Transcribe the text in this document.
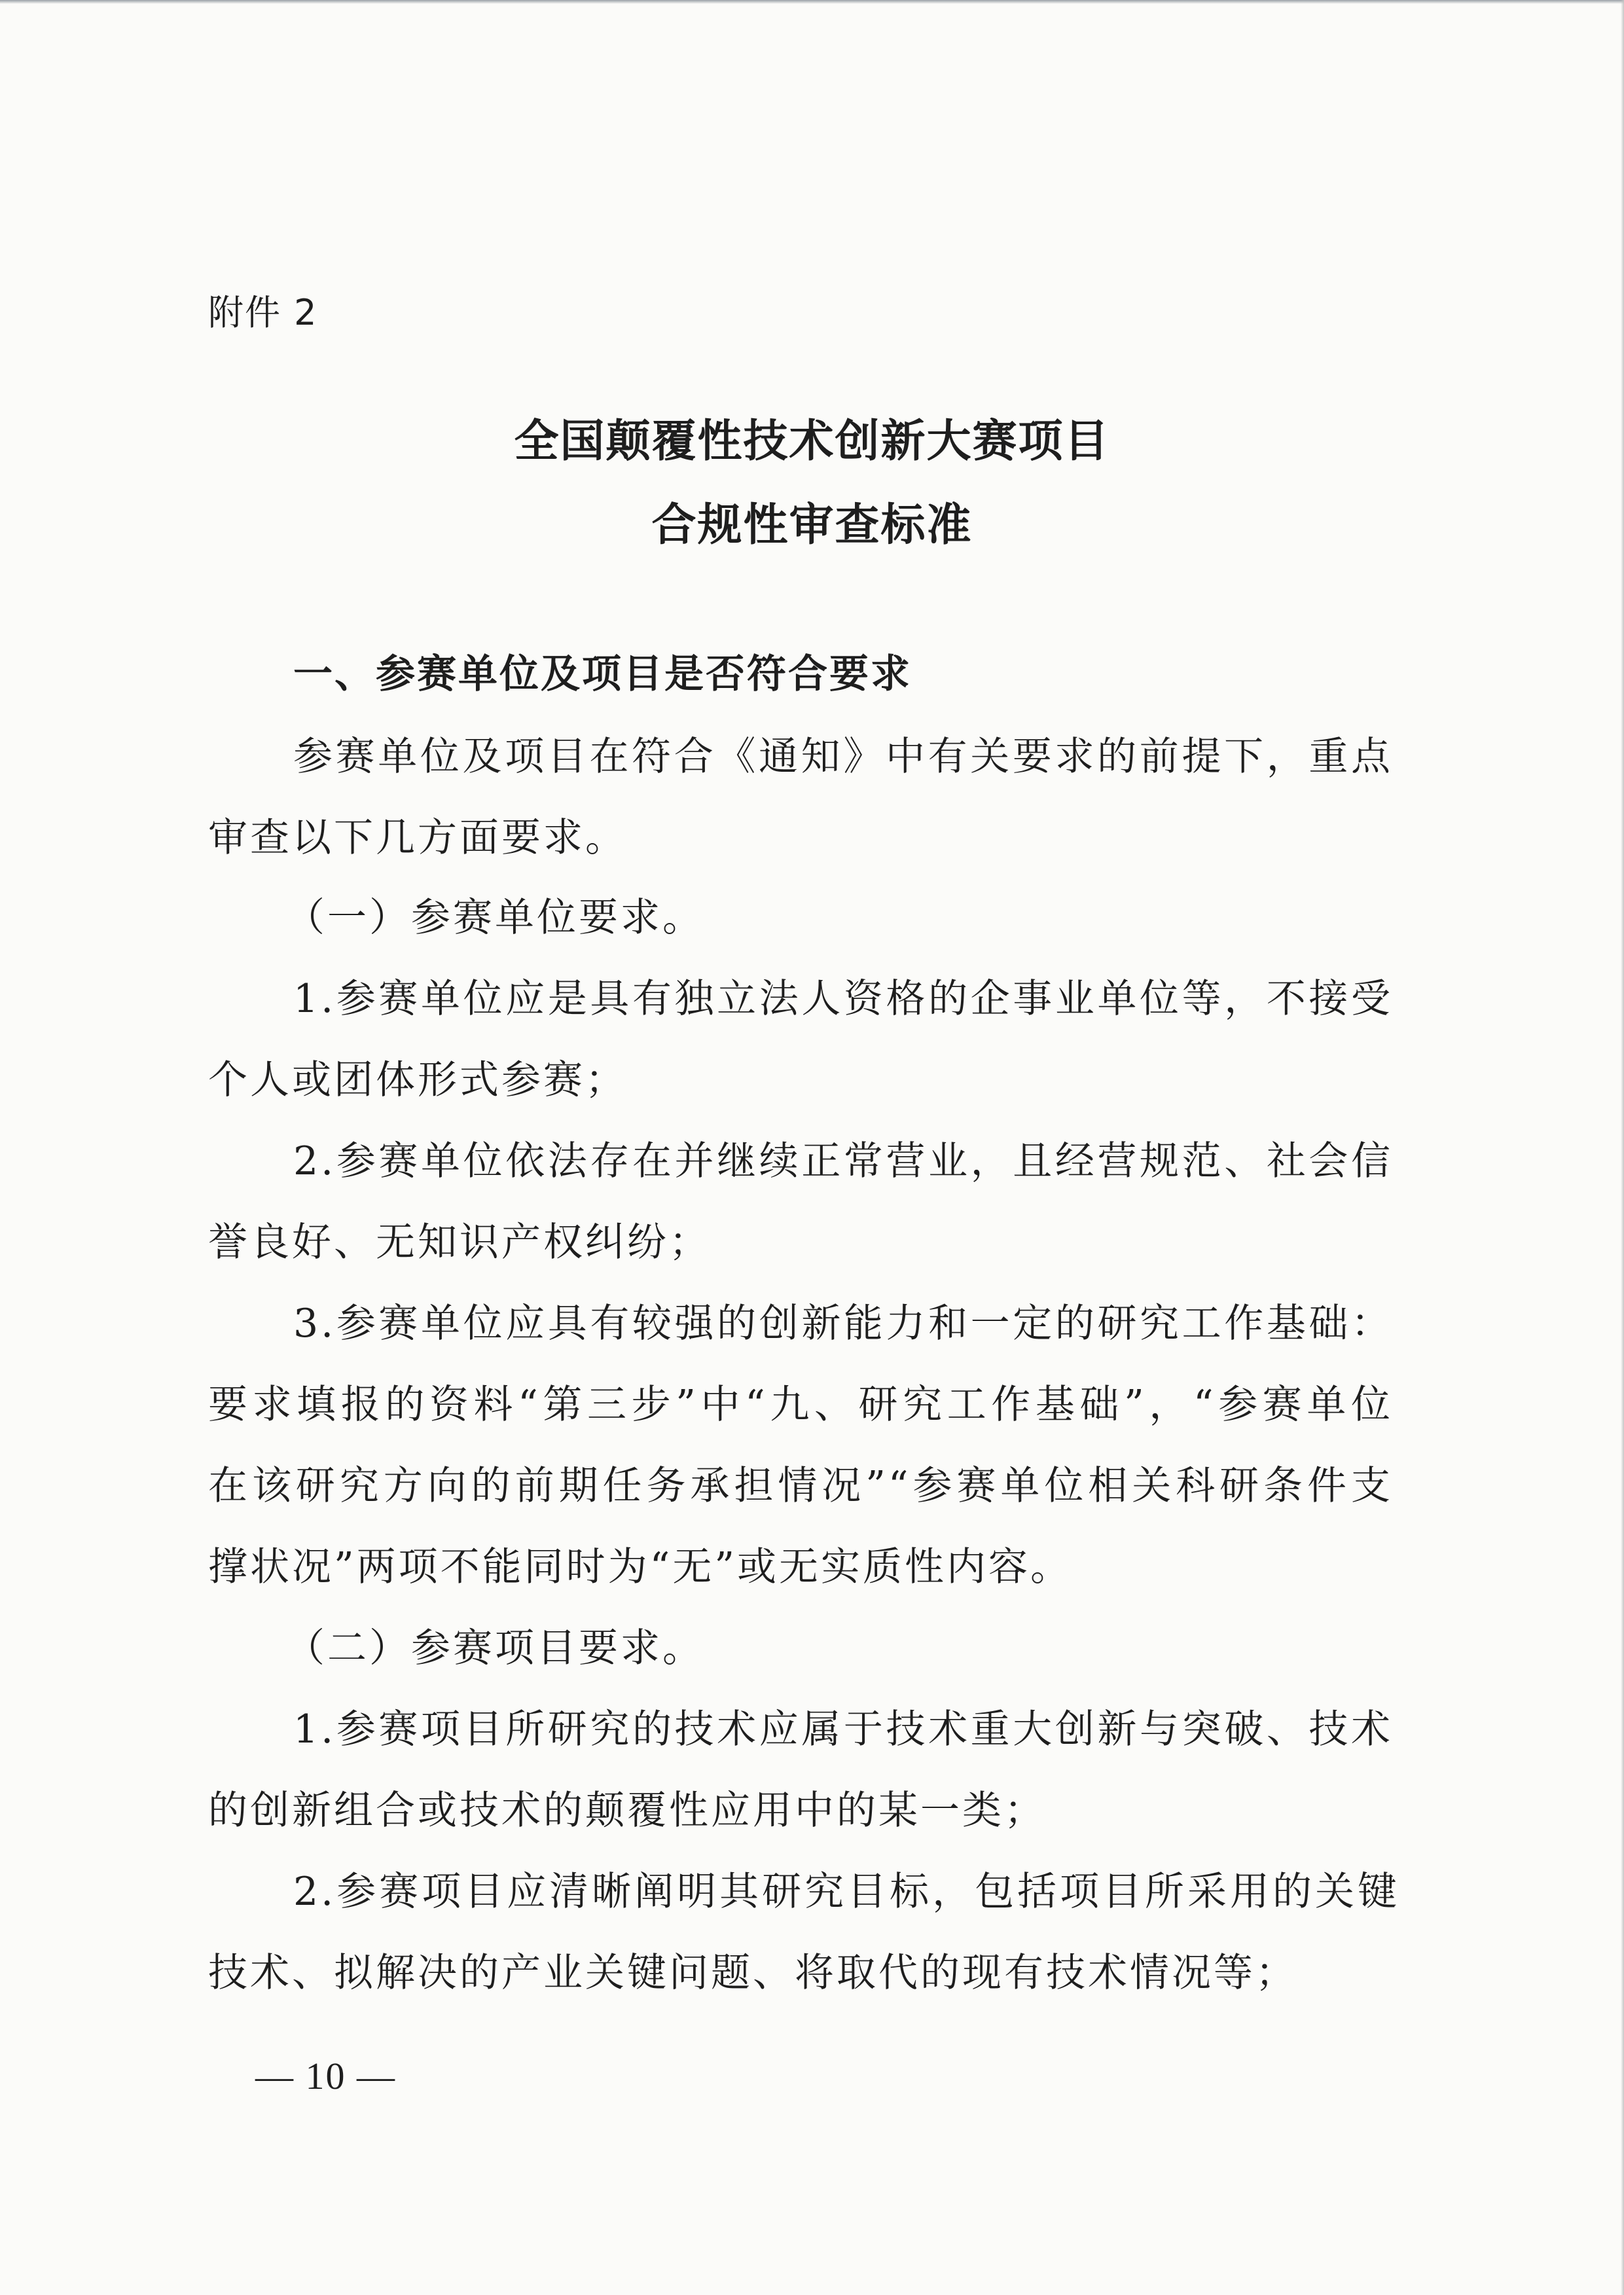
附件 2
全国颠覆性技术创新大赛项目
合规性审查标准
一、参赛单位及项目是否符合要求
参赛单位及项目在符合《通知》中有关要求的前提下，重点
审查以下几方面要求。
（一）参赛单位要求。
1.参赛单位应是具有独立法人资格的企事业单位等，不接受
个人或团体形式参赛；
2.参赛单位依法存在并继续正常营业，且经营规范、社会信
誉良好、无知识产权纠纷；
3.参赛单位应具有较强的创新能力和一定的研究工作基础：
要求填报的资料“第三步”中“九、研究工作基础”，“参赛单位
在该研究方向的前期任务承担情况”“参赛单位相关科研条件支
撑状况”两项不能同时为“无”或无实质性内容。
（二）参赛项目要求。
1.参赛项目所研究的技术应属于技术重大创新与突破、技术
的创新组合或技术的颠覆性应用中的某一类；
2.参赛项目应清晰阐明其研究目标，包括项目所采用的关键
技术、拟解决的产业关键问题、将取代的现有技术情况等；
— 10 —
